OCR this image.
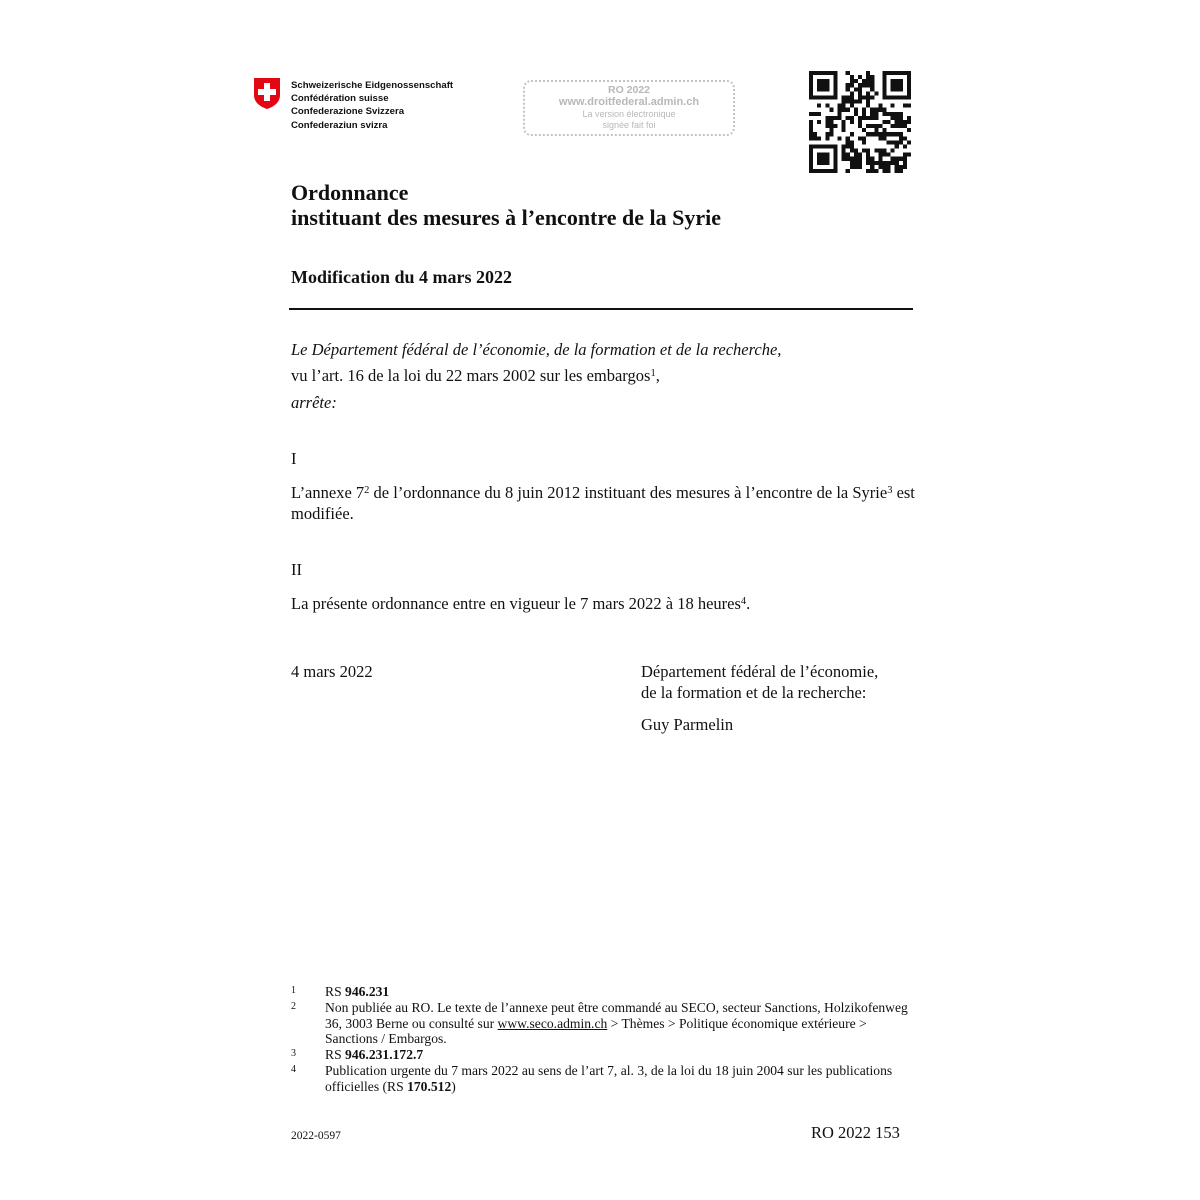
Schweizerische Eidgenossenschaft
Confédération suisse
Confederazione Svizzera
Confederaziun svizra
RO 2022
www.droitfederal.admin.ch
La version électronique
signée fait foi
Ordonnance
instituant des mesures à l’encontre de la Syrie
Modification du 4 mars 2022
Le Département fédéral de l’économie, de la formation et de la recherche,
vu l’art. 16 de la loi du 22 mars 2002 sur les embargos$^1$,
arrête:
I
L’annexe 7$^2$ de l’ordonnance du 8 juin 2012 instituant des mesures à l’encontre de la Syrie$^3$ est modifiée.
II
La présente ordonnance entre en vigueur le 7 mars 2022 à 18 heures$^4$.
4 mars 2022	Département fédéral de l’économie,
de la formation et de la recherche:
Guy Parmelin
1	RS 946.231
2	Non publiée au RO. Le texte de l’annexe peut être commandé au SECO, secteur Sanctions, Holzikofenweg 36, 3003 Berne ou consulté sur www.seco.admin.ch > Thèmes > Politique économique extérieure > Sanctions / Embargos.
3	RS 946.231.172.7
4	Publication urgente du 7 mars 2022 au sens de l’art 7, al. 3, de la loi du 18 juin 2004 sur les publications officielles (RS 170.512)
2022-0597	RO 2022 153
